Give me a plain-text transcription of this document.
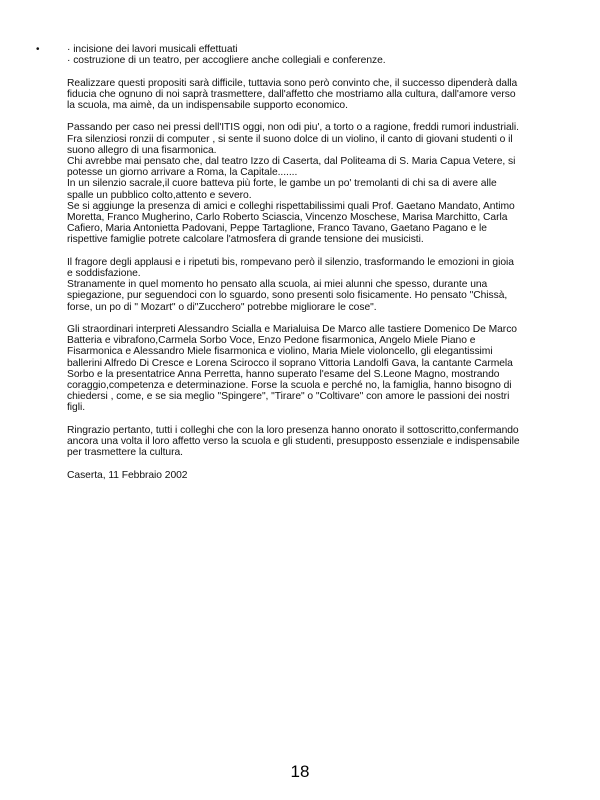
•	· incisione dei lavori musicali effettuati
· costruzione di un teatro, per accogliere anche collegiali e conferenze.

Realizzare questi propositi sarà difficile, tuttavia sono però convinto che, il successo dipenderà dalla
fiducia che ognuno di noi saprà trasmettere, dall'affetto che mostriamo alla cultura, dall'amore verso
la scuola, ma aimè, da un indispensabile supporto economico.

Passando per caso nei pressi dell'ITIS oggi, non odi piu', a torto o a ragione, freddi rumori industriali.
Fra silenziosi ronzii di computer , si sente il suono dolce di un violino, il canto di giovani studenti o il
suono allegro di una fisarmonica.
Chi avrebbe mai pensato che, dal teatro Izzo di Caserta, dal Politeama di S. Maria Capua Vetere, si
potesse un giorno arrivare a Roma, la Capitale.......
In un silenzio sacrale,il cuore batteva più forte, le gambe un po' tremolanti di chi sa di avere alle
spalle un pubblico colto,attento e severo.
Se si aggiunge la presenza di amici e colleghi rispettabilissimi quali Prof. Gaetano Mandato, Antimo
Moretta, Franco Mugherino, Carlo Roberto Sciascia, Vincenzo Moschese, Marisa Marchitto, Carla
Cafiero, Maria Antonietta Padovani, Peppe Tartaglione, Franco Tavano, Gaetano Pagano e le
rispettive famiglie potrete calcolare l'atmosfera di grande tensione dei musicisti.

Il fragore degli applausi e i ripetuti bis, rompevano però il silenzio, trasformando le emozioni in gioia
e soddisfazione.
Stranamente in quel momento ho pensato alla scuola, ai miei alunni che spesso, durante una
spiegazione, pur seguendoci con lo sguardo, sono presenti solo fisicamente. Ho pensato "Chissà,
forse, un po di " Mozart" o di"Zucchero" potrebbe migliorare le cose".

Gli straordinari interpreti Alessandro Scialla e Marialuisa De Marco alle tastiere Domenico De Marco
Batteria e vibrafono,Carmela Sorbo Voce, Enzo Pedone fisarmonica, Angelo Miele Piano e
Fisarmonica e Alessandro Miele fisarmonica e violino, Maria Miele violoncello, gli elegantissimi
ballerini Alfredo Di Cresce e Lorena Scirocco il soprano Vittoria Landolfi Gava, la cantante Carmela
Sorbo e la presentatrice Anna Perretta, hanno superato l'esame del S.Leone Magno, mostrando
coraggio,competenza e determinazione. Forse la scuola e perché no, la famiglia, hanno bisogno di
chiedersi , come, e se sia meglio "Spingere", "Tirare" o "Coltivare" con amore le passioni dei nostri
figli.

Ringrazio pertanto, tutti i colleghi che con la loro presenza hanno onorato il sottoscritto,confermando
ancora una volta il loro affetto verso la scuola e gli studenti, presupposto essenziale e indispensabile
per trasmettere la cultura.

Caserta, 11 Febbraio 2002

18
